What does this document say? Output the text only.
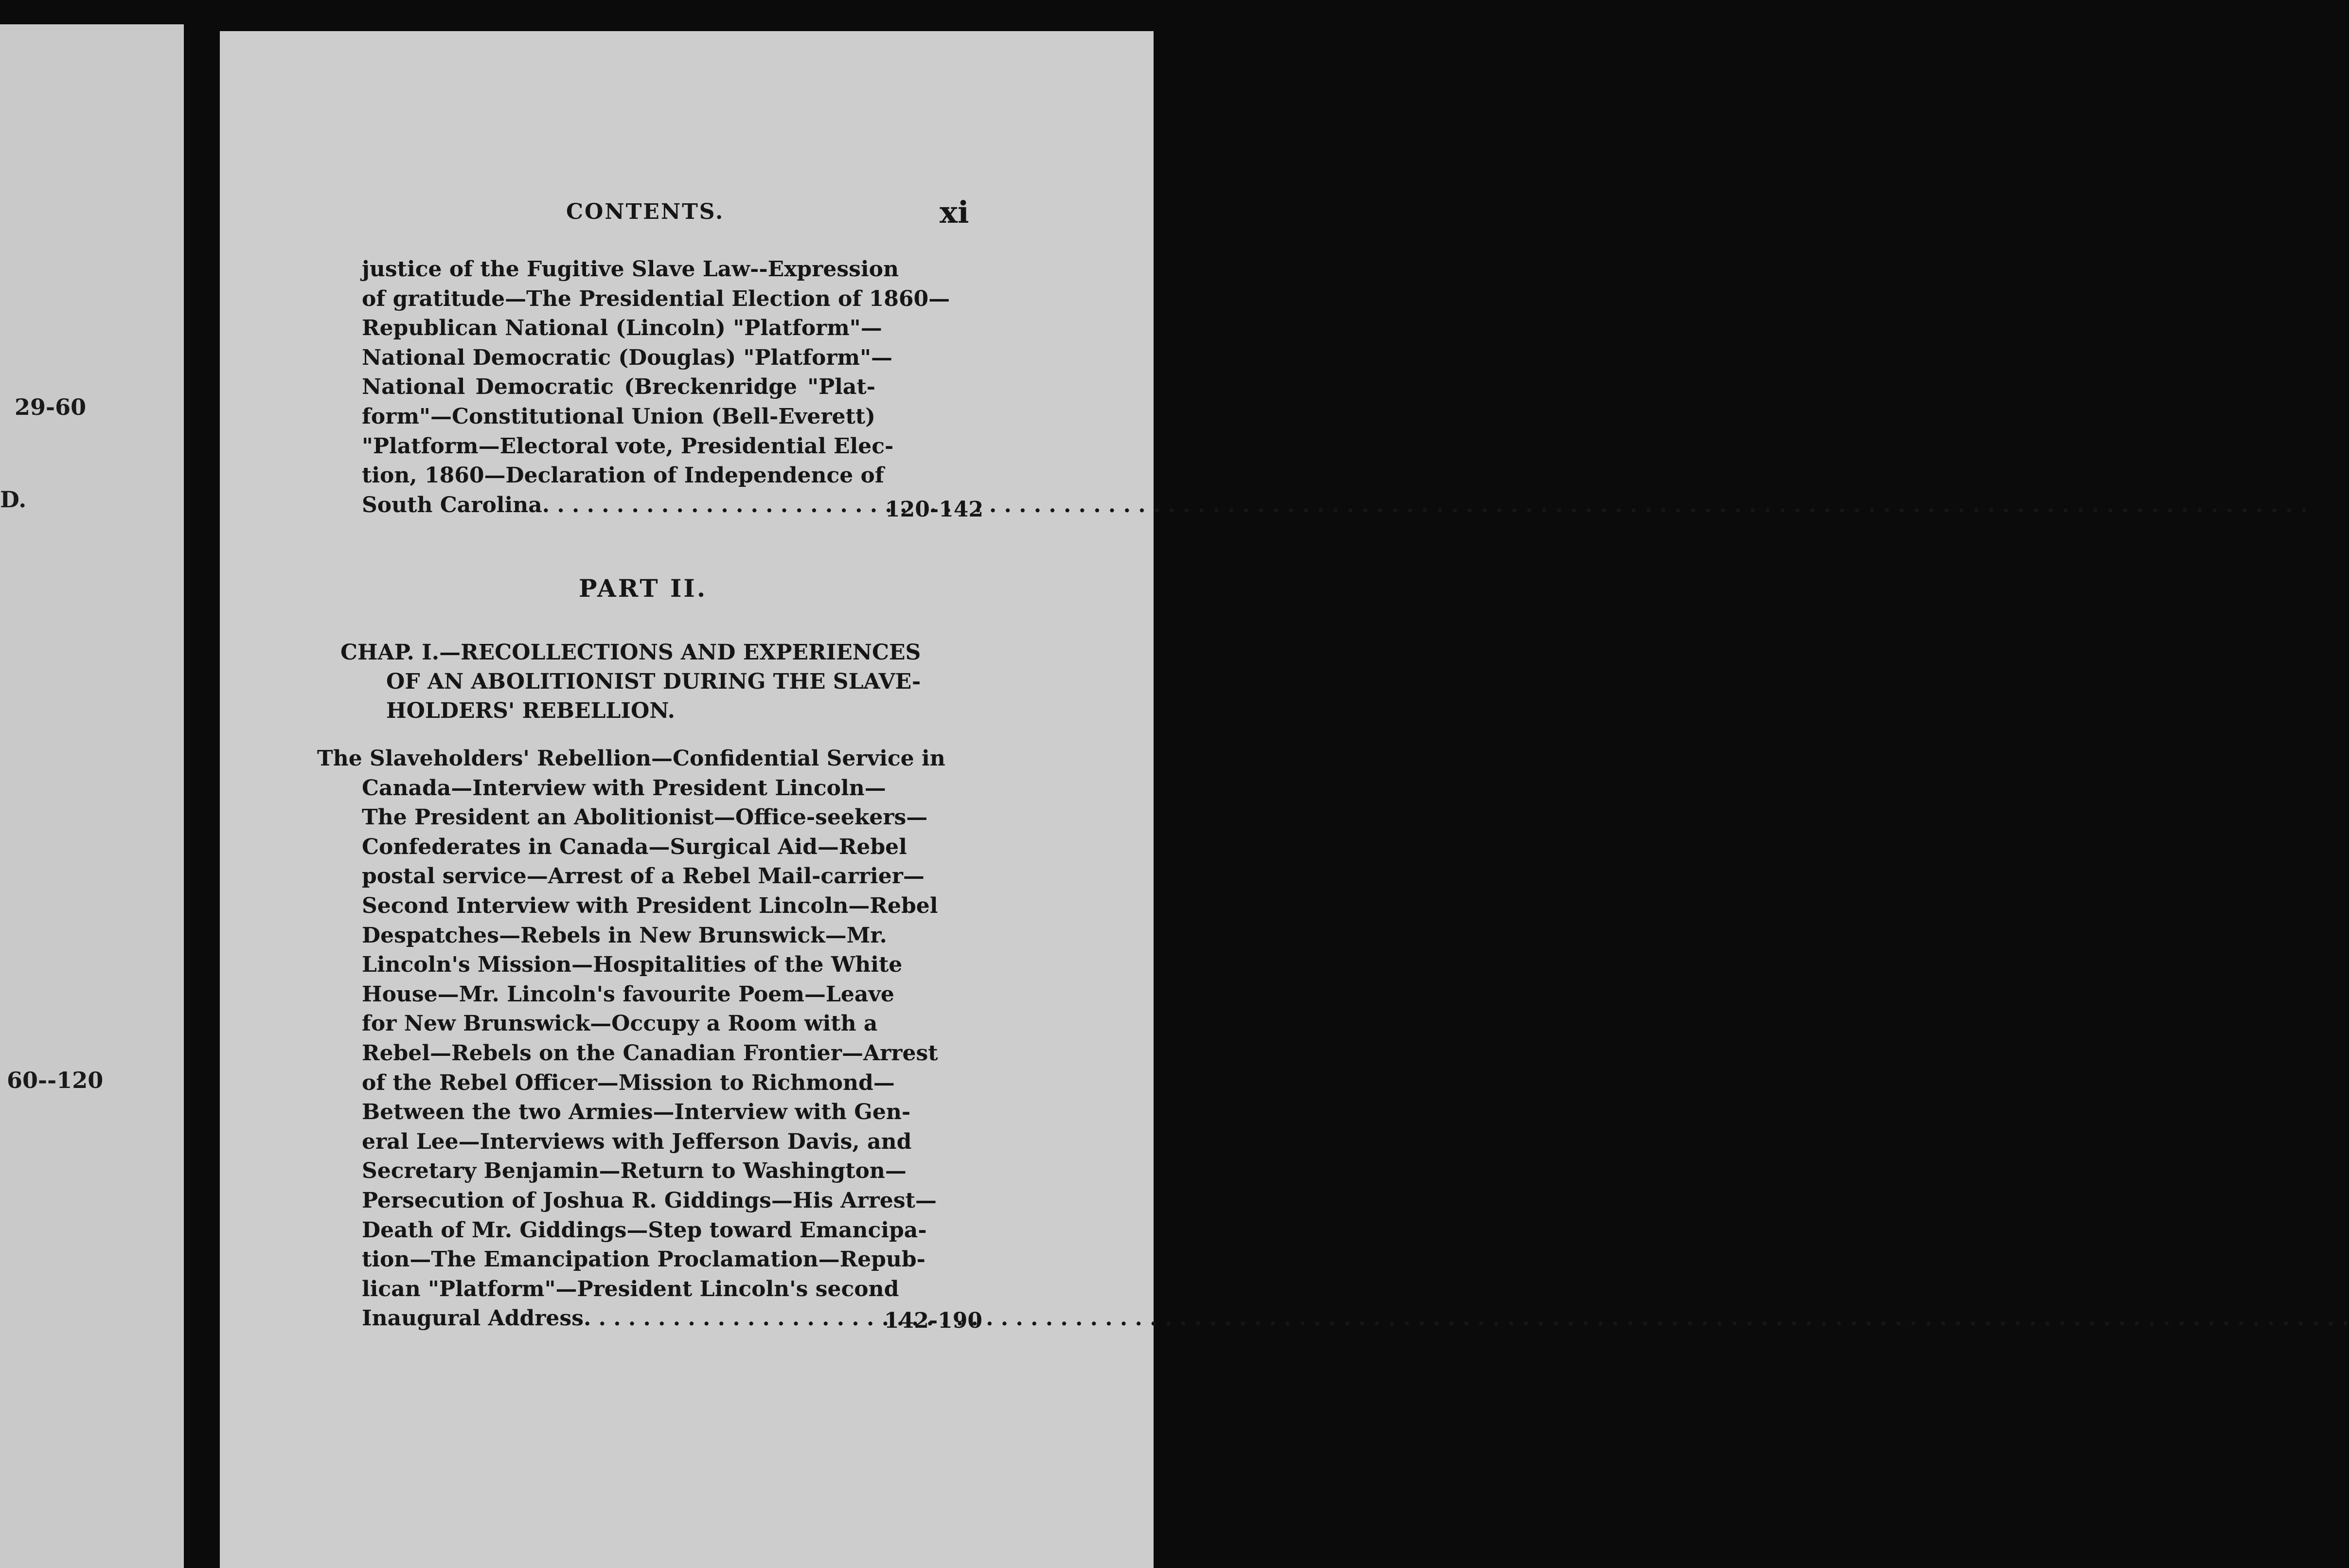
29-60
D.
60--120
CONTENTS.	xi
justice of the Fugitive Slave Law--Expression
of gratitude—The Presidential Election of 1860—
Republican National (Lincoln) "Platform"—
National Democratic (Douglas) "Platform"—
National Democratic (Breckenridge "Plat-
form"—Constitutional Union (Bell-Everett)
"Platform—Electoral vote, Presidential Elec-
tion, 1860—Declaration of Independence of
South Carolina . . .	120-142
PART II.
CHAP. I.—RECOLLECTIONS AND EXPERIENCES
OF AN ABOLITIONIST DURING THE SLAVE-
HOLDERS' REBELLION.
The Slaveholders' Rebellion—Confidential Service in
Canada—Interview with President Lincoln—
The President an Abolitionist—Office-seekers—
Confederates in Canada—Surgical Aid—Rebel
postal service—Arrest of a Rebel Mail-carrier—
Second Interview with President Lincoln—Rebel
Despatches—Rebels in New Brunswick—Mr.
Lincoln's Mission—Hospitalities of the White
House—Mr. Lincoln's favourite Poem—Leave
for New Brunswick—Occupy a Room with a
Rebel—Rebels on the Canadian Frontier—Arrest
of the Rebel Officer—Mission to Richmond—
Between the two Armies—Interview with Gen-
eral Lee—Interviews with Jefferson Davis, and
Secretary Benjamin—Return to Washington—
Persecution of Joshua R. Giddings—His Arrest—
Death of Mr. Giddings—Step toward Emancipa-
tion—The Emancipation Proclamation—Repub-
lican "Platform"—President Lincoln's second
Inaugural Address . . .	142-190
